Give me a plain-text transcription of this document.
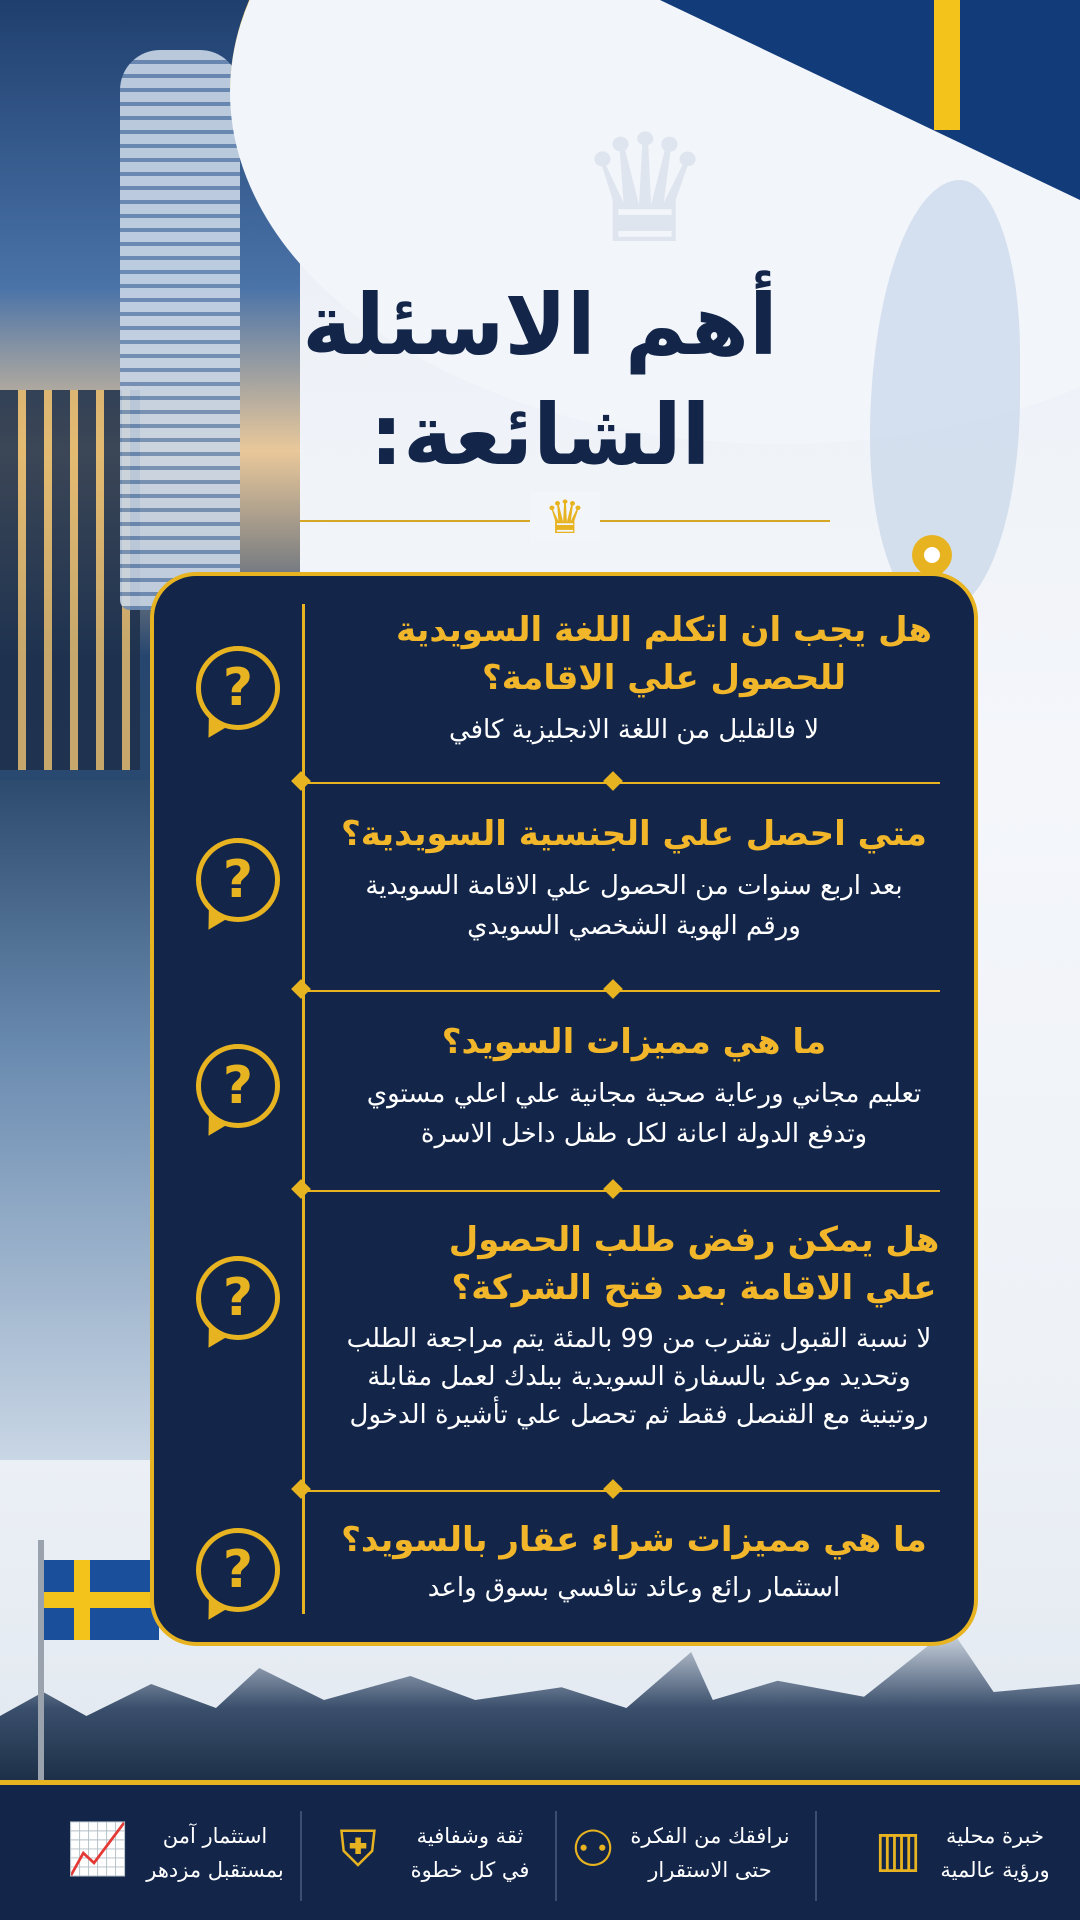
♛
أهم الاسئلة
الشائعة:
♛
?

هل يجب ان اتكلم اللغة السويدية للحصول علي الاقامة؟

لا فالقليل من اللغة الانجليزية كافي

?

متي احصل علي الجنسية السويدية؟

بعد اربع سنوات من الحصول علي الاقامة السويدية ورقم الهوية الشخصي السويدي

?

ما هي مميزات السويد؟

تعليم مجاني ورعاية صحية مجانية علي اعلي مستوي وتدفع الدولة اعانة لكل طفل داخل الاسرة

?

هل يمكن رفض طلب الحصول علي الاقامة بعد فتح الشركة؟

لا نسبة القبول تقترب من 99 بالمئة يتم مراجعة الطلب وتحديد موعد بالسفارة السويدية ببلدك لعمل مقابلة روتينية مع القنصل فقط ثم تحصل علي تأشيرة الدخول

?	ما هي مميزات شراء عقار بالسويد؟

استثمار رائع وعائد تنافسي بسوق واعد

خبرة محلية
ورؤية عالمية
▥
نرافقك من الفكرة
حتى الاستقرار
⚇
ثقة وشفافية
في كل خطوة
⛨
استثمار آمن
بمستقبل مزدهر
📈
